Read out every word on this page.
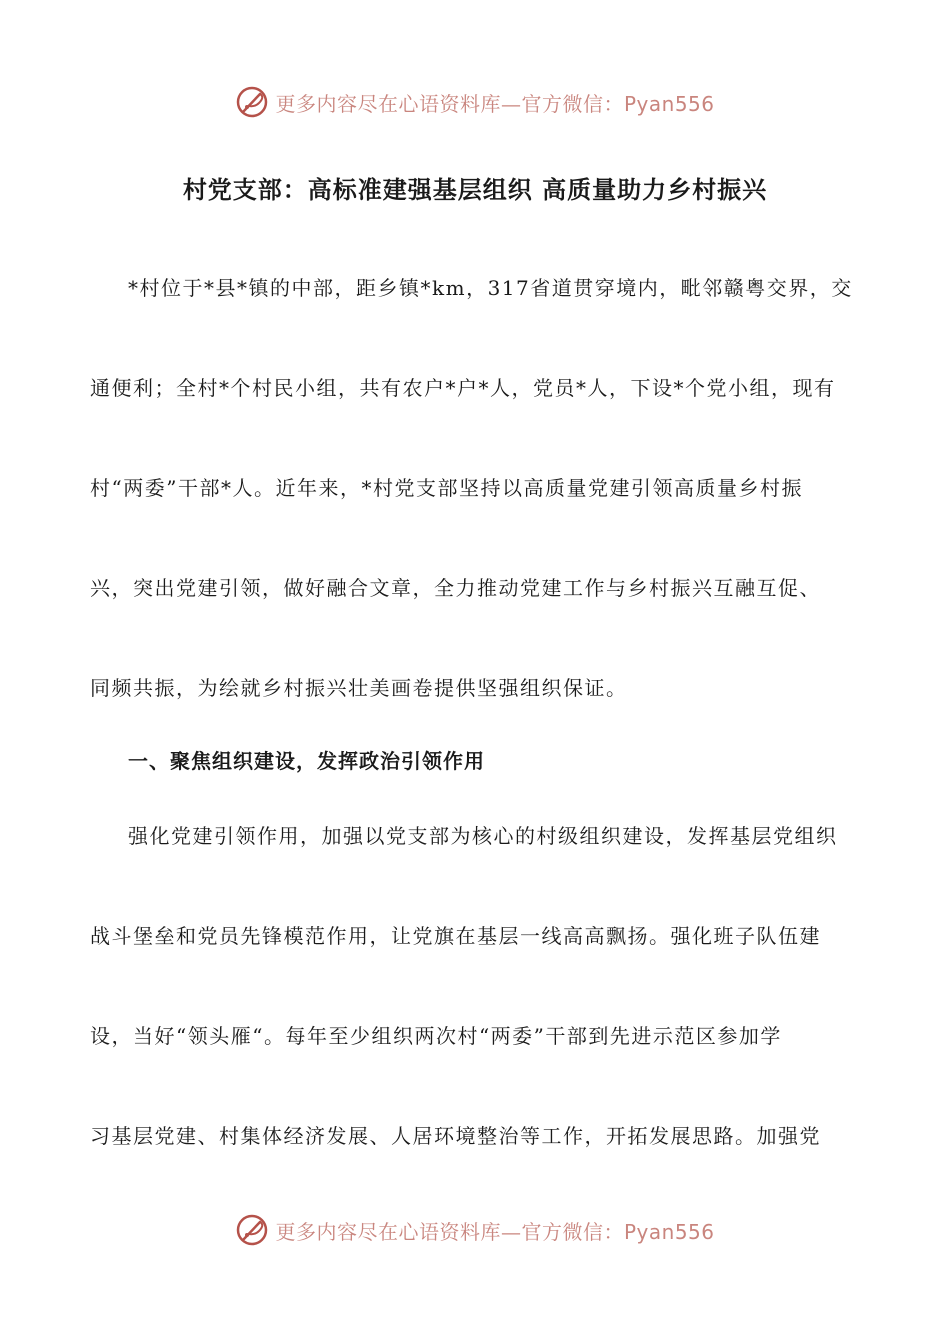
更多内容尽在心语资料库—官方微信：Pyan556
村党支部：高标准建强基层组织 高质量助力乡村振兴
*村位于*县*镇的中部，距乡镇*km，317省道贯穿境内，毗邻赣粤交界，交
通便利；全村*个村民小组，共有农户*户*人，党员*人，下设*个党小组，现有
村“两委”干部*人。近年来，*村党支部坚持以高质量党建引领高质量乡村振
兴，突出党建引领，做好融合文章，全力推动党建工作与乡村振兴互融互促、
同频共振，为绘就乡村振兴壮美画卷提供坚强组织保证。
一、聚焦组织建设，发挥政治引领作用
强化党建引领作用，加强以党支部为核心的村级组织建设，发挥基层党组织
战斗堡垒和党员先锋模范作用，让党旗在基层一线高高飘扬。强化班子队伍建
设，当好“领头雁“。每年至少组织两次村“两委”干部到先进示范区参加学
习基层党建、村集体经济发展、人居环境整治等工作，开拓发展思路。加强党
更多内容尽在心语资料库—官方微信：Pyan556
